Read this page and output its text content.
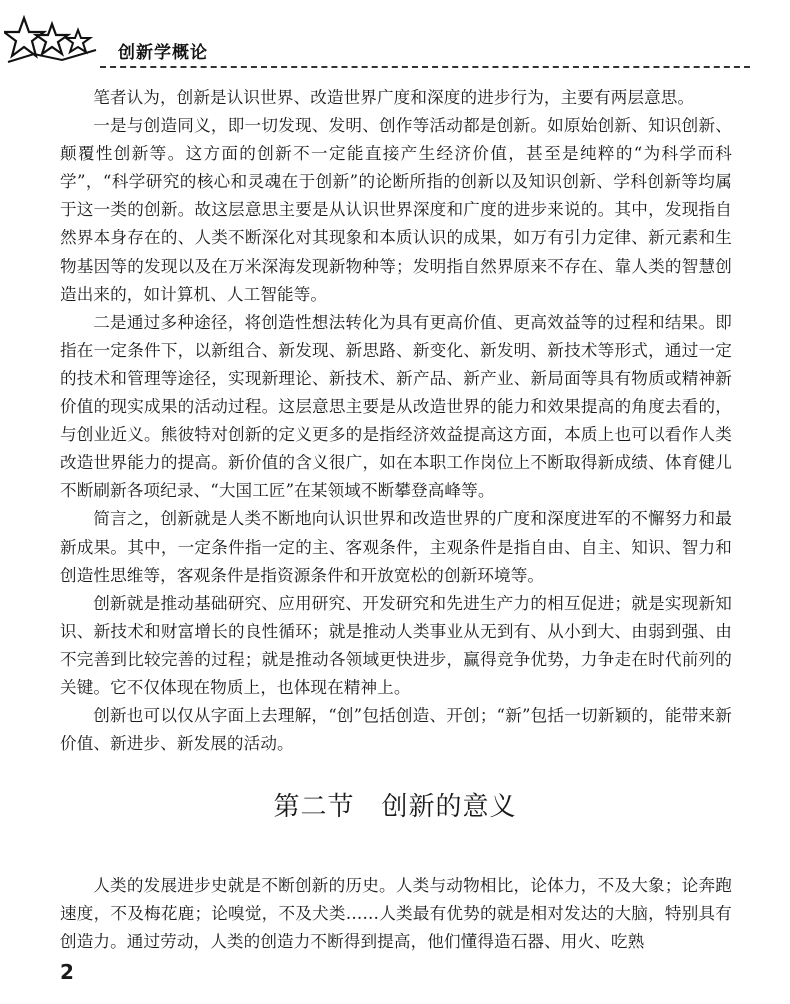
创新学概论

笔者认为，创新是认识世界、改造世界广度和深度的进步行为，主要有两层意思。

一是与创造同义，即一切发现、发明、创作等活动都是创新。如原始创新、知识创新、颠覆性创新等。这方面的创新不一定能直接产生经济价值，甚至是纯粹的“为科学而科学”，“科学研究的核心和灵魂在于创新”的论断所指的创新以及知识创新、学科创新等均属于这一类的创新。故这层意思主要是从认识世界深度和广度的进步来说的。其中，发现指自然界本身存在的、人类不断深化对其现象和本质认识的成果，如万有引力定律、新元素和生物基因等的发现以及在万米深海发现新物种等；发明指自然界原来不存在、靠人类的智慧创造出来的，如计算机、人工智能等。

二是通过多种途径，将创造性想法转化为具有更高价值、更高效益等的过程和结果。即指在一定条件下，以新组合、新发现、新思路、新变化、新发明、新技术等形式，通过一定的技术和管理等途径，实现新理论、新技术、新产品、新产业、新局面等具有物质或精神新价值的现实成果的活动过程。这层意思主要是从改造世界的能力和效果提高的角度去看的，与创业近义。熊彼特对创新的定义更多的是指经济效益提高这方面，本质上也可以看作人类改造世界能力的提高。新价值的含义很广，如在本职工作岗位上不断取得新成绩、体育健儿不断刷新各项纪录、“大国工匠”在某领域不断攀登高峰等。

简言之，创新就是人类不断地向认识世界和改造世界的广度和深度进军的不懈努力和最新成果。其中，一定条件指一定的主、客观条件，主观条件是指自由、自主、知识、智力和创造性思维等，客观条件是指资源条件和开放宽松的创新环境等。

创新就是推动基础研究、应用研究、开发研究和先进生产力的相互促进；就是实现新知识、新技术和财富增长的良性循环；就是推动人类事业从无到有、从小到大、由弱到强、由不完善到比较完善的过程；就是推动各领域更快进步，赢得竞争优势，力争走在时代前列的关键。它不仅体现在物质上，也体现在精神上。

创新也可以仅从字面上去理解，“创”包括创造、开创；“新”包括一切新颖的，能带来新价值、新进步、新发展的活动。

第二节　创新的意义

人类的发展进步史就是不断创新的历史。人类与动物相比，论体力，不及大象；论奔跑速度，不及梅花鹿；论嗅觉，不及犬类……人类最有优势的就是相对发达的大脑，特别具有创造力。通过劳动，人类的创造力不断得到提高，他们懂得造石器、用火、吃熟

2
